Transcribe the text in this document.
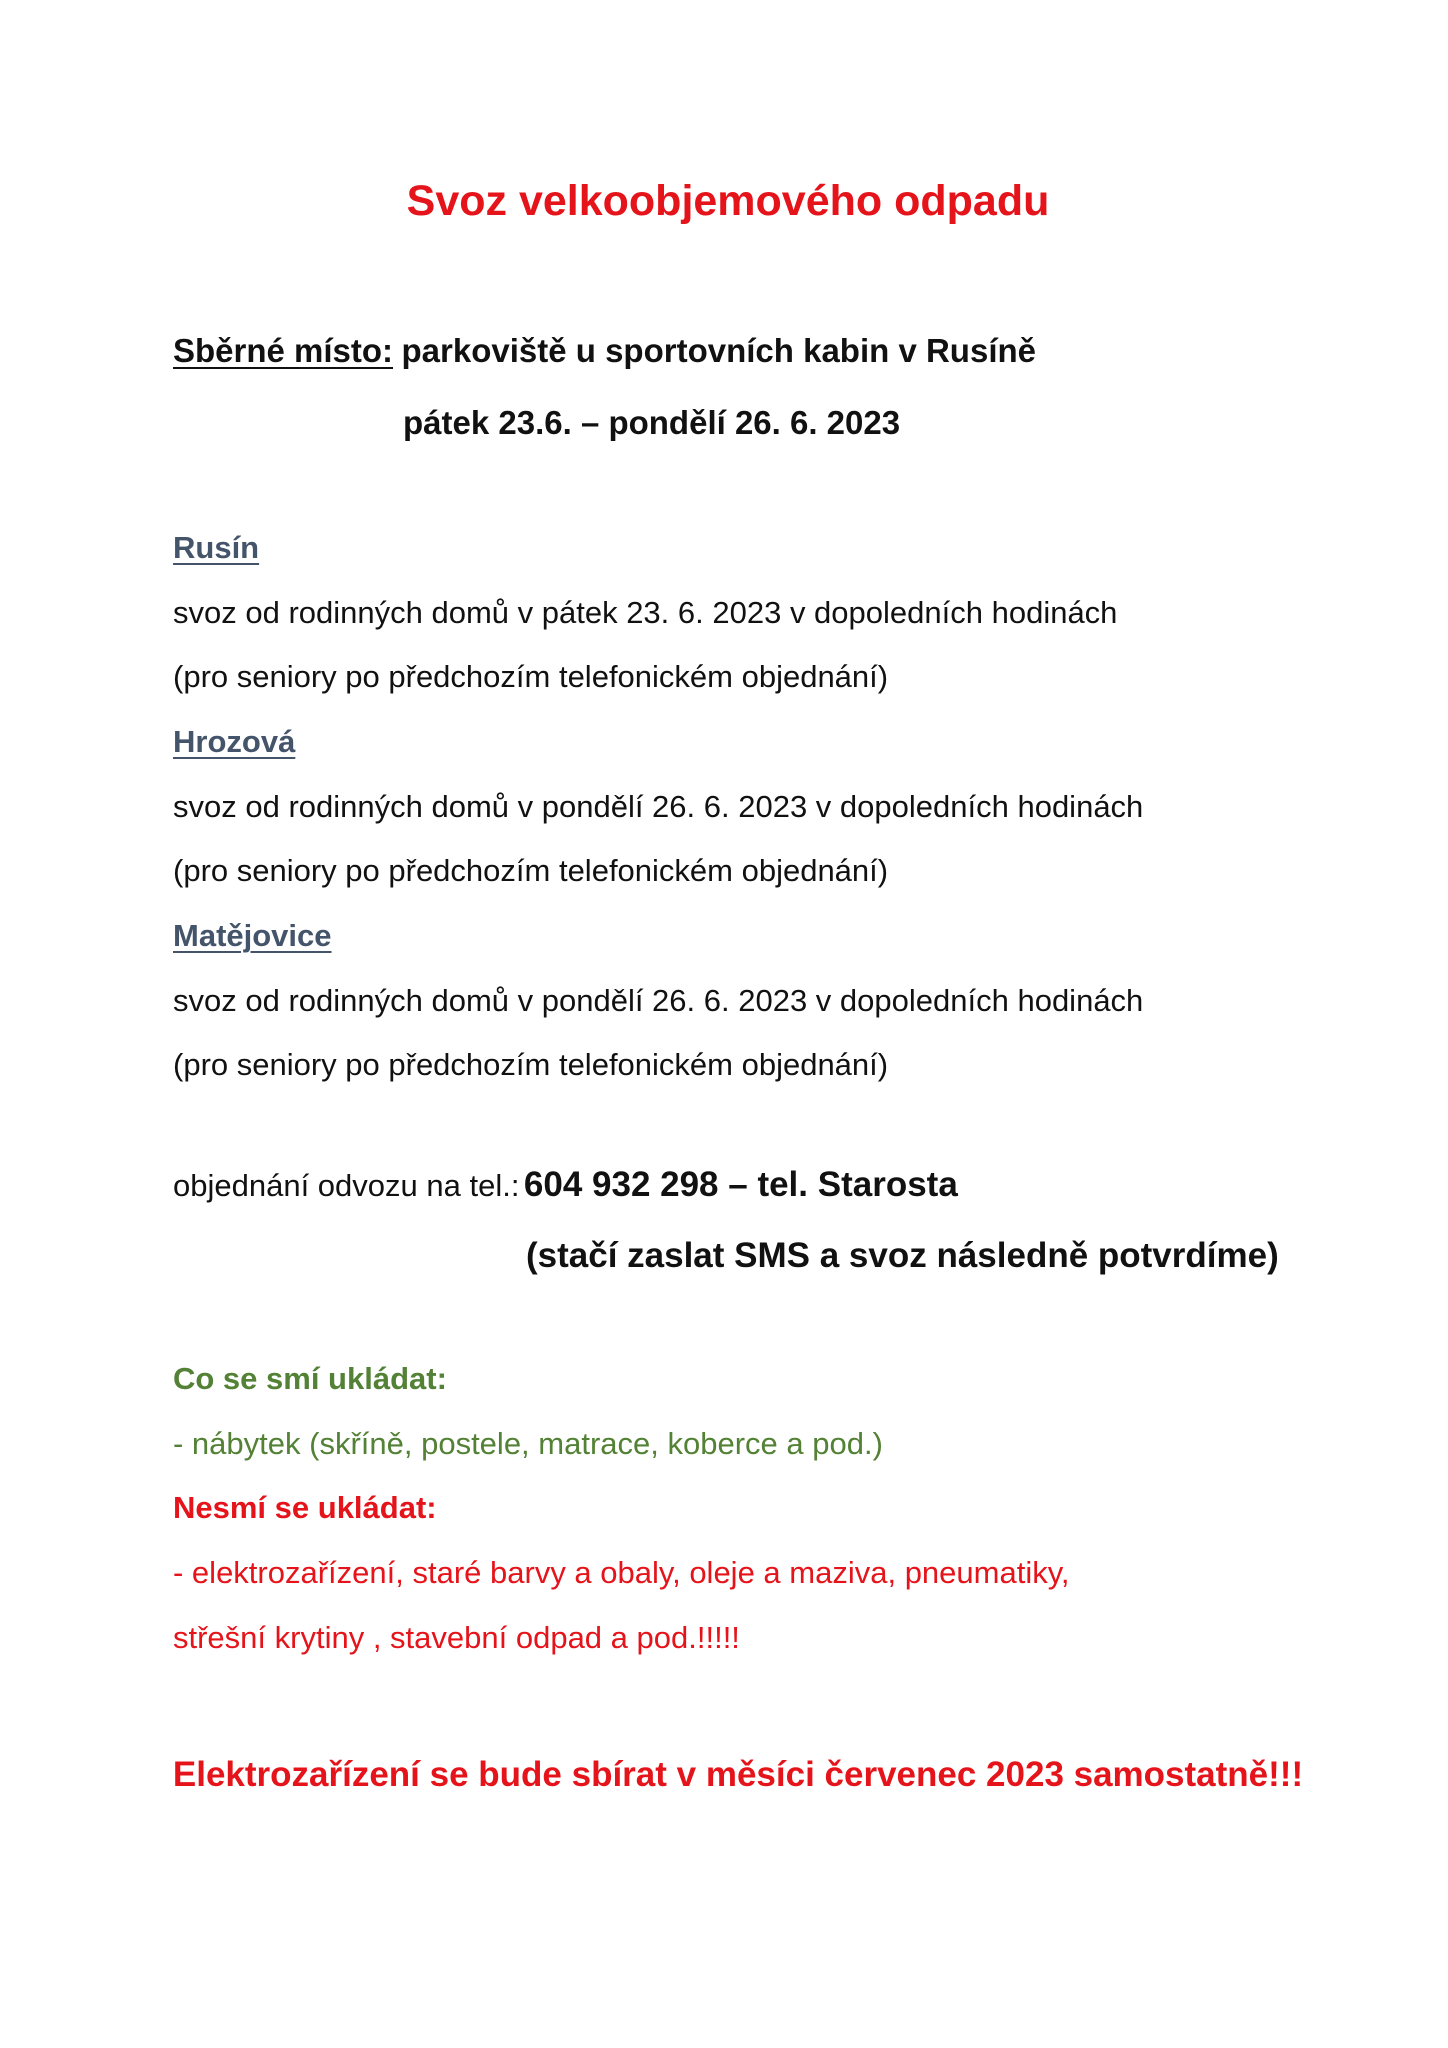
Svoz velkoobjemového odpadu
Sběrné místo: parkoviště u sportovních kabin v Rusíně
pátek 23.6. – pondělí 26. 6. 2023
Rusín
svoz od rodinných domů v pátek 23. 6. 2023 v dopoledních hodinách
(pro seniory po předchozím telefonickém objednání)
Hrozová
svoz od rodinných domů v pondělí 26. 6. 2023 v dopoledních hodinách
(pro seniory po předchozím telefonickém objednání)
Matějovice
svoz od rodinných domů v pondělí 26. 6. 2023 v dopoledních hodinách
(pro seniory po předchozím telefonickém objednání)
objednání odvozu na tel.: 604 932 298 – tel. Starosta
(stačí zaslat SMS a svoz následně potvrdíme)
Co se smí ukládat:
- nábytek (skříně, postele, matrace, koberce a pod.)
Nesmí se ukládat:
- elektrozařízení, staré barvy a obaly, oleje a maziva, pneumatiky,
střešní krytiny , stavební odpad a pod.!!!!!
Elektrozařízení se bude sbírat v měsíci červenec 2023 samostatně!!!
